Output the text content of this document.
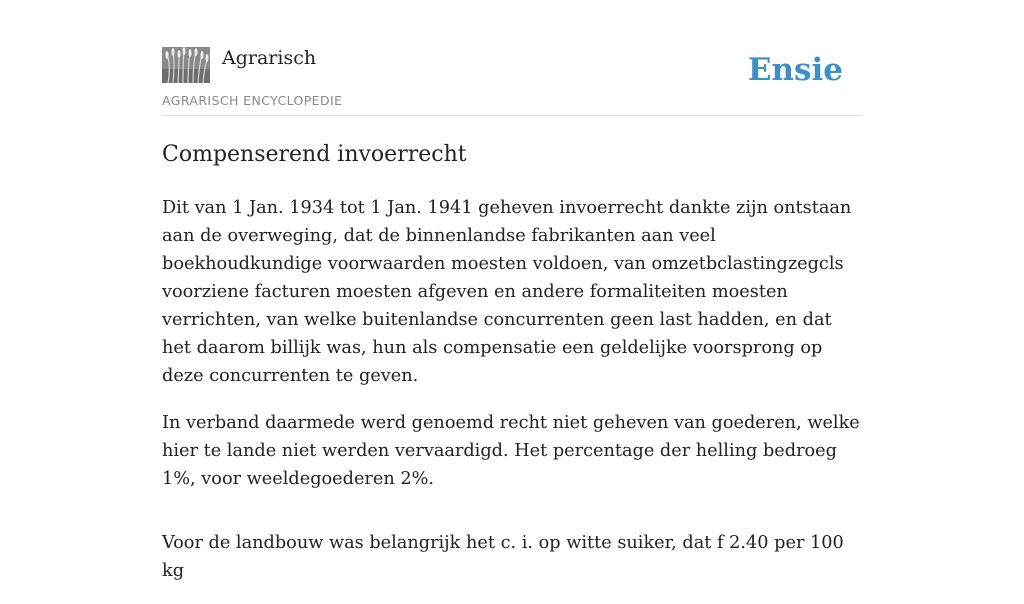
Agrarisch
AGRARISCH ENCYCLOPEDIE
Ensie
Compenserend invoerrecht

Dit van 1 Jan. 1934 tot 1 Jan. 1941 geheven invoerrecht dankte zijn ontstaan aan de overweging, dat de binnenlandse fabrikanten aan veel boekhoudkundige voorwaarden moesten voldoen, van omzetbclastingzegcls voorziene facturen moesten afgeven en andere formaliteiten moesten verrichten, van welke buitenlandse concurrenten geen last hadden, en dat het daarom billijk was, hun als compensatie een geldelijke voorsprong op deze concurrenten te geven.

In verband daarmede werd genoemd recht niet geheven van goederen, welke hier te lande niet werden vervaardigd. Het percentage der helling bedroeg 1%, voor weeldegoederen 2%.

Voor de landbouw was belangrijk het c. i. op witte suiker, dat f 2.40 per 100 kg
